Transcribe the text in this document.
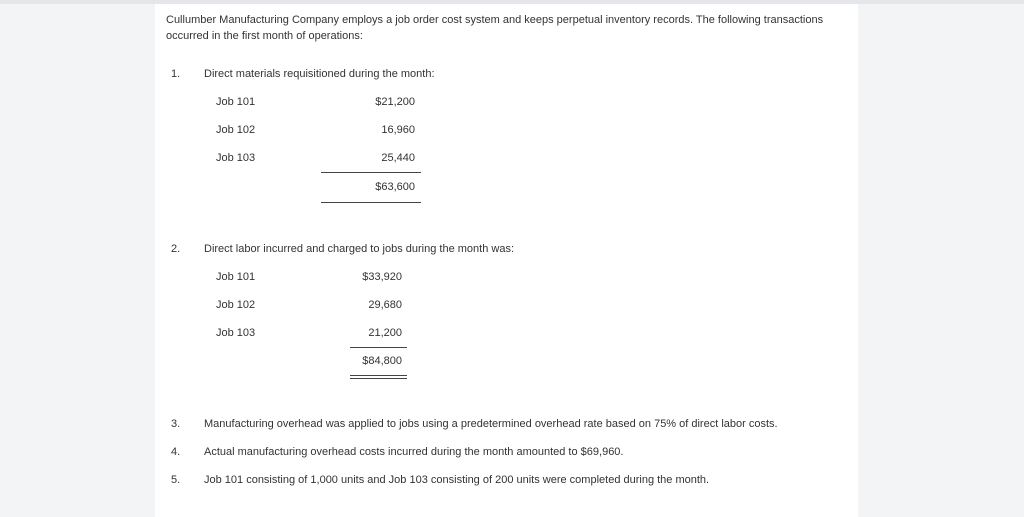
Cullumber Manufacturing Company employs a job order cost system and keeps perpetual inventory records. The following transactions occurred in the first month of operations:
1. Direct materials requisitioned during the month:
Job 101	$21,200
Job 102	16,960
Job 103	25,440
$63,600
2. Direct labor incurred and charged to jobs during the month was:
Job 101	$33,920
Job 102	29,680
Job 103	21,200
$84,800
3. Manufacturing overhead was applied to jobs using a predetermined overhead rate based on 75% of direct labor costs.
4. Actual manufacturing overhead costs incurred during the month amounted to $69,960.
5. Job 101 consisting of 1,000 units and Job 103 consisting of 200 units were completed during the month.
